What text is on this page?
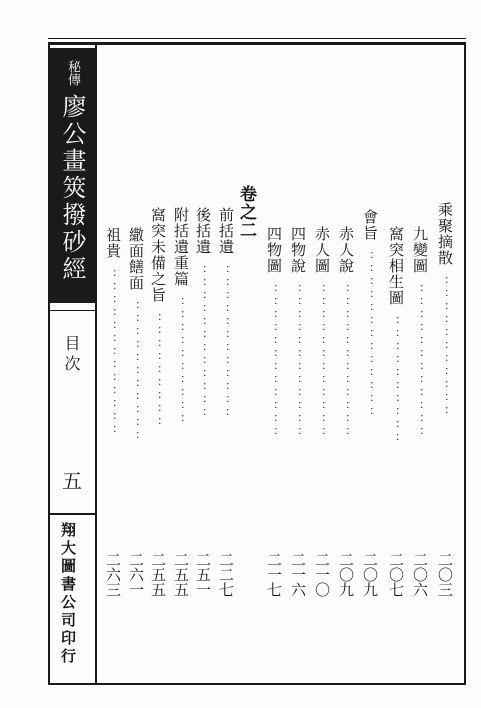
秘傳
廖公畫筴撥砂經
目次
五
翔大圖書公司印行
乘聚摘散
：：：：：：：：：：：
二〇三
九變圖
：：：：：：：：：：：：
二〇六
窩突相生圖
：：：：：：：：：：
二〇七
會旨
：：：：：：：：：：：：：
二〇九
赤人說
：：：：：：：：：：：：
二〇九
赤人圖
：：：：：：：：：：：：
二一〇
四物說
：：：：：：：：：：：：
二一六
四物圖
：：：：：：：：：：：：
二一七
卷之二
前括遺
：：：：：：：：：：：：
二二七
後括遺
：：：：：：：：：：：：
二五一
附括遺重篇
：：：：：：：：：：
二五五
窩突未備之旨
：：：：：：：：：
二五五
繖面饍面
：：：：：：：：：：：
二六一
祖貴
：：：：：：：：：：：：：
二六三
